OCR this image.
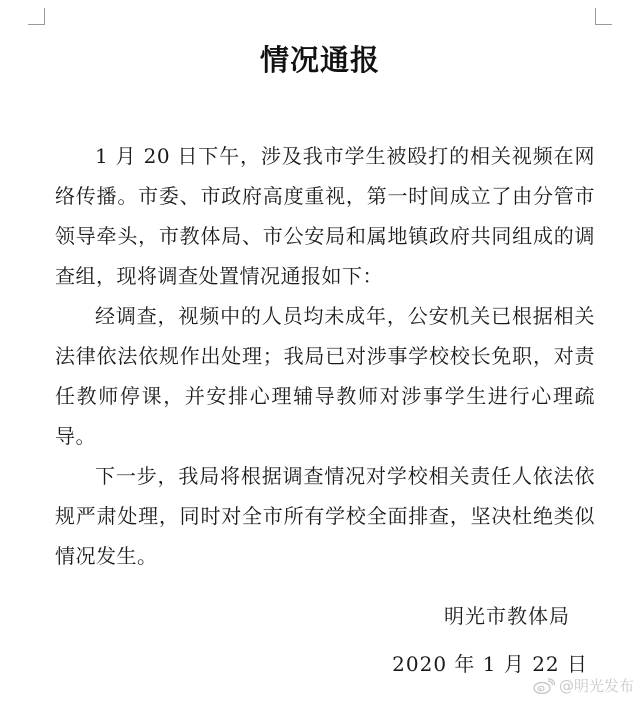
情况通报

1 月 20 日下午，涉及我市学生被殴打的相关视频在网络传播。市委、市政府高度重视，第一时间成立了由分管市领导牵头，市教体局、市公安局和属地镇政府共同组成的调查组，现将调查处置情况通报如下：

经调查，视频中的人员均未成年，公安机关已根据相关法律依法依规作出处理；我局已对涉事学校校长免职，对责任教师停课，并安排心理辅导教师对涉事学生进行心理疏导。

下一步，我局将根据调查情况对学校相关责任人依法依规严肃处理，同时对全市所有学校全面排查，坚决杜绝类似情况发生。

明光市教体局
2020 年 1 月 22 日
@明光发布
